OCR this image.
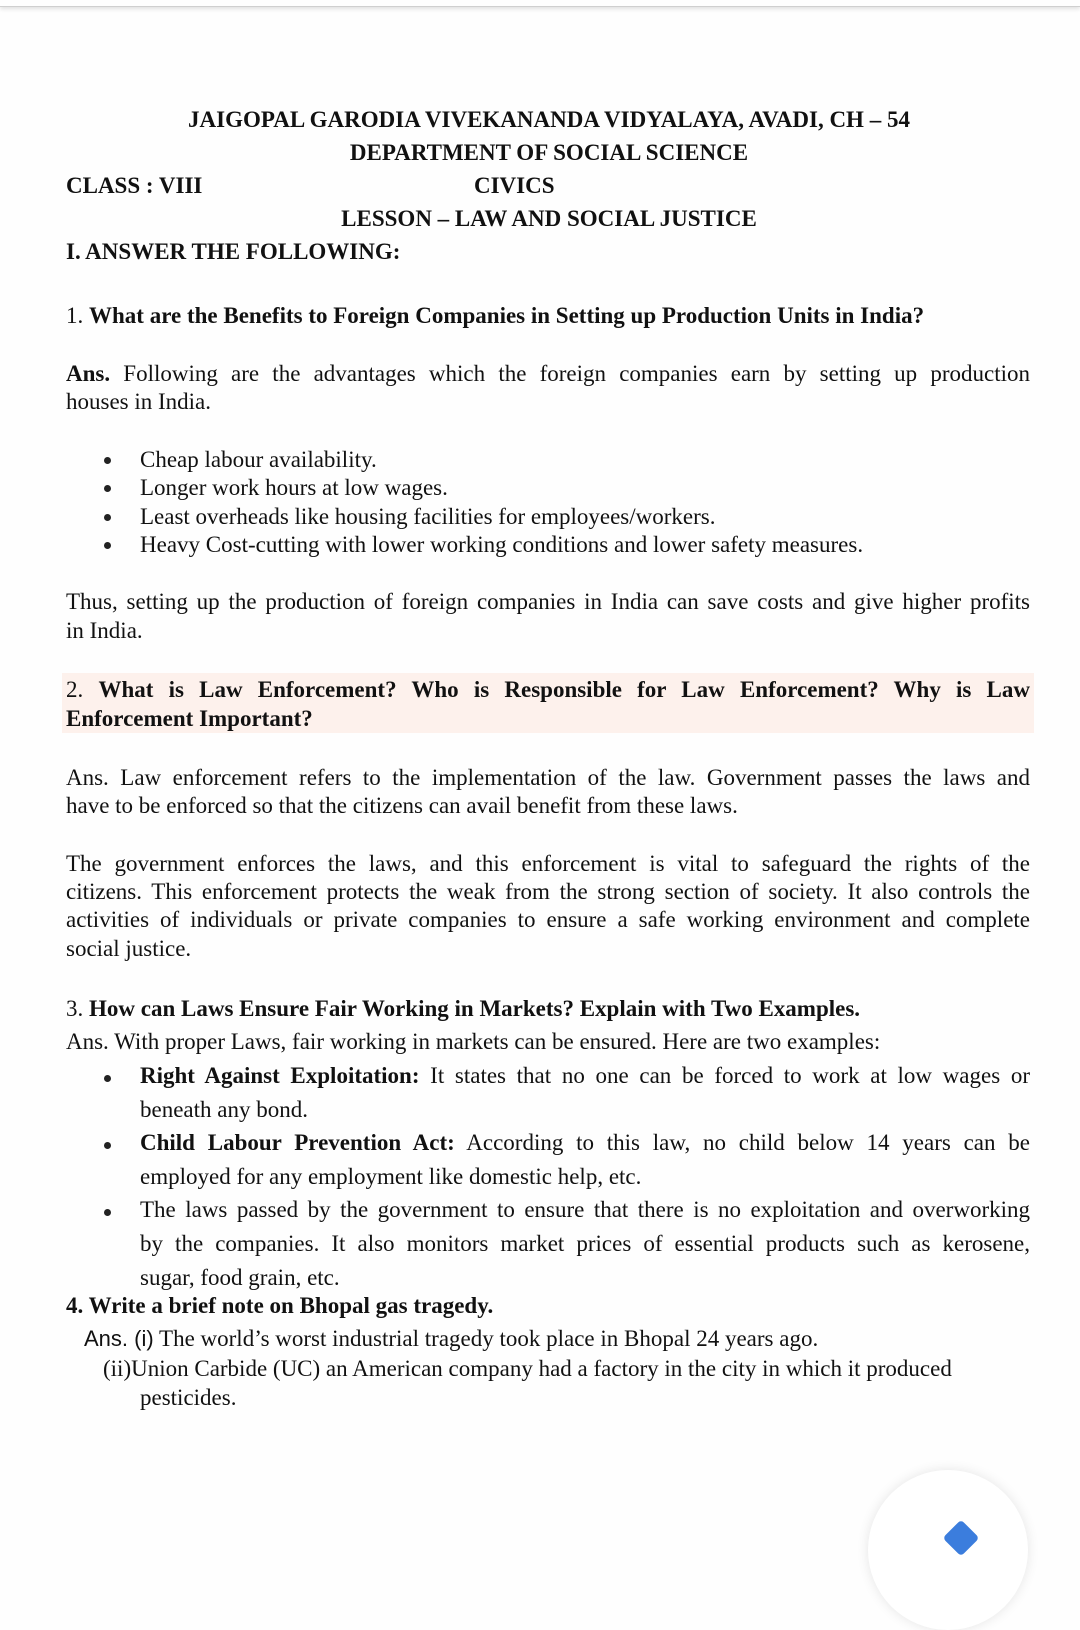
JAIGOPAL GARODIA VIVEKANANDA VIDYALAYA, AVADI, CH – 54
DEPARTMENT OF SOCIAL SCIENCE
CLASS : VIII	CIVICS
LESSON – LAW AND SOCIAL JUSTICE
I. ANSWER THE FOLLOWING:
1. What are the Benefits to Foreign Companies in Setting up Production Units in India?
Ans. Following are the advantages which the foreign companies earn by setting up production
houses in India.
Cheap labour availability.
Longer work hours at low wages.
Least overheads like housing facilities for employees/workers.
Heavy Cost-cutting with lower working conditions and lower safety measures.
Thus, setting up the production of foreign companies in India can save costs and give higher profits
in India.
2. What is Law Enforcement? Who is Responsible for Law Enforcement? Why is Law
Enforcement Important?
Ans. Law enforcement refers to the implementation of the law. Government passes the laws and
have to be enforced so that the citizens can avail benefit from these laws.
The government enforces the laws, and this enforcement is vital to safeguard the rights of the
citizens. This enforcement protects the weak from the strong section of society. It also controls the
activities of individuals or private companies to ensure a safe working environment and complete
social justice.
3. How can Laws Ensure Fair Working in Markets? Explain with Two Examples.
Ans. With proper Laws, fair working in markets can be ensured. Here are two examples:
Right Against Exploitation: It states that no one can be forced to work at low wages or
beneath any bond.
Child Labour Prevention Act: According to this law, no child below 14 years can be
employed for any employment like domestic help, etc.
The laws passed by the government to ensure that there is no exploitation and overworking
by the companies. It also monitors market prices of essential products such as kerosene,
sugar, food grain, etc.
4. Write a brief note on Bhopal gas tragedy.
Ans. (i) The world’s worst industrial tragedy took place in Bhopal 24 years ago.
(ii)Union Carbide (UC) an American company had a factory in the city in which it produced
pesticides.
